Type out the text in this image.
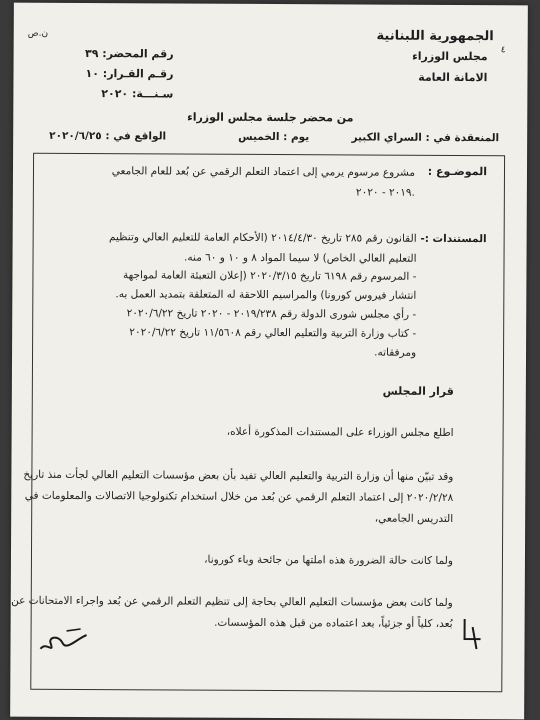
الجمهورية اللبنانية
مجلس الوزراء
الامانة العامة
٤
ن.ص
رقم المحضر: ٣٩
رقـم القـرار: ١٠
سـنـــة: ٢٠٢٠
من محضر جلسة مجلس الوزراء
المنعقدة في : السراي الكبير
يوم : الخميس
الواقع في : ٢٠٢٠/٦/٢٥
الموضـوع :
مشروع مرسوم يرمي إلى اعتماد التعلم الرقمي عن بُعد للعام الجامعي
٢٠١٩ - ٢٠٢٠.
المستندات :-
القانون رقم ٢٨٥ تاريخ ٢٠١٤/٤/٣٠ (الأحكام العامة للتعليم العالي وتنظيم
التعليم العالي الخاص) لا سيما المواد ٨ و ١٠ و ٦٠ منه.
- المرسوم رقم ٦١٩٨ تاريخ ٢٠٢٠/٣/١٥ (إعلان التعبئة العامة لمواجهة
انتشار فيروس كورونا) والمراسيم اللاحقة له المتعلقة بتمديد العمل به.
- رأي مجلس شورى الدولة رقم ٢٠١٩/٢٣٨ - ٢٠٢٠ تاريخ ٢٠٢٠/٦/٢٢
- كتاب وزارة التربية والتعليم العالي رقم ١١/٥٦٠٨ تاريخ ٢٠٢٠/٦/٢٢
ومرفقاته.
قرار المجلس
اطلع مجلس الوزراء على المستندات المذكورة أعلاه،
وقد تبيّن منها أن وزارة التربية والتعليم العالي تفيد بأن بعض مؤسسات التعليم العالي لجأت منذ تاريخ
٢٠٢٠/٢/٢٨ إلى اعتماد التعلم الرقمي عن بُعد من خلال استخدام تكنولوجيا الاتصالات والمعلومات في
التدريس الجامعي،
ولما كانت حالة الضرورة هذه املتها من جائحة وباء كورونا،
ولما كانت بعض مؤسسات التعليم العالي بحاجة إلى تنظيم التعلم الرقمي عن بُعد واجراء الامتحانات عن
بُعد، كلياً أو جزئياً، بعد اعتماده من قبل هذه المؤسسات.
